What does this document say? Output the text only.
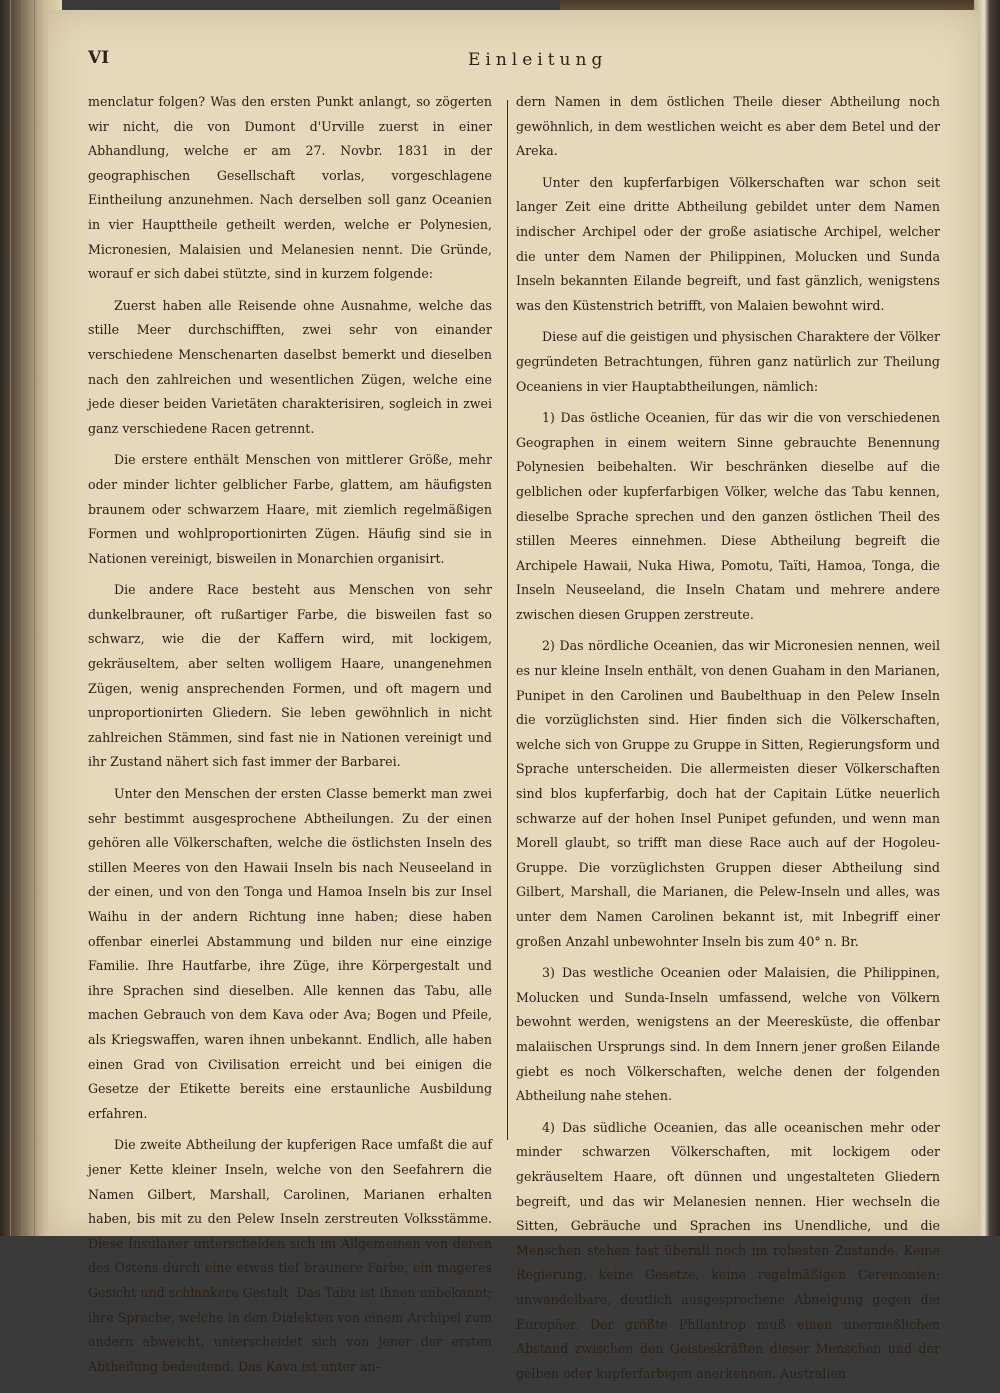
VI	Einleitung

menclatur folgen? Was den ersten Punkt anlangt, so zögerten wir nicht, die von Dumont d'Urville zuerst in einer Abhandlung, welche er am 27. Novbr. 1831 in der geographischen Gesellschaft vorlas, vorgeschlagene Eintheilung anzunehmen. Nach derselben soll ganz Oceanien in vier Haupttheile getheilt werden, welche er Polynesien, Micronesien, Malaisien und Melanesien nennt. Die Gründe, worauf er sich dabei stützte, sind in kurzem folgende:

Zuerst haben alle Reisende ohne Ausnahme, welche das stille Meer durchschifften, zwei sehr von einander verschiedene Menschenarten daselbst bemerkt und dieselben nach den zahlreichen und wesentlichen Zügen, welche eine jede dieser beiden Varietäten charakterisiren, sogleich in zwei ganz verschiedene Racen getrennt.

Die erstere enthält Menschen von mittlerer Größe, mehr oder minder lichter gelblicher Farbe, glattem, am häufigsten braunem oder schwarzem Haare, mit ziemlich regelmäßigen Formen und wohlproportionirten Zügen. Häufig sind sie in Nationen vereinigt, bisweilen in Monarchien organisirt.

Die andere Race besteht aus Menschen von sehr dunkelbrauner, oft rußartiger Farbe, die bisweilen fast so schwarz, wie die der Kaffern wird, mit lockigem, gekräuseltem, aber selten wolligem Haare, unangenehmen Zügen, wenig ansprechenden Formen, und oft magern und unproportionirten Gliedern. Sie leben gewöhnlich in nicht zahlreichen Stämmen, sind fast nie in Nationen vereinigt und ihr Zustand nähert sich fast immer der Barbarei.

Unter den Menschen der ersten Classe bemerkt man zwei sehr bestimmt ausgesprochene Abtheilungen. Zu der einen gehören alle Völkerschaften, welche die östlichsten Inseln des stillen Meeres von den Hawaii Inseln bis nach Neuseeland in der einen, und von den Tonga und Hamoa Inseln bis zur Insel Waihu in der andern Richtung inne haben; diese haben offenbar einerlei Abstammung und bilden nur eine einzige Familie. Ihre Hautfarbe, ihre Züge, ihre Körpergestalt und ihre Sprachen sind dieselben. Alle kennen das Tabu, alle machen Gebrauch von dem Kava oder Ava; Bogen und Pfeile, als Kriegswaffen, waren ihnen unbekannt. Endlich, alle haben einen Grad von Civilisation erreicht und bei einigen die Gesetze der Etikette bereits eine erstaunliche Ausbildung erfahren.

Die zweite Abtheilung der kupferigen Race umfaßt die auf jener Kette kleiner Inseln, welche von den Seefahrern die Namen Gilbert, Marshall, Carolinen, Marianen erhalten haben, bis mit zu den Pelew Inseln zerstreuten Volksstämme. Diese Insulaner unterscheiden sich im Allgemeinen von denen des Ostens durch eine etwas tief braunere Farbe, ein mageres Gesicht und schlankere Gestalt. Das Tabu ist ihnen unbekannt; ihre Sprache, welche in den Dialekten von einem Archipel zum andern abweicht, unterscheidet sich von jener der ersten Abtheilung bedeutend. Das Kava ist unter an-

dern Namen in dem östlichen Theile dieser Abtheilung noch gewöhnlich, in dem westlichen weicht es aber dem Betel und der Areka.

Unter den kupferfarbigen Völkerschaften war schon seit langer Zeit eine dritte Abtheilung gebildet unter dem Namen indischer Archipel oder der große asiatische Archipel, welcher die unter dem Namen der Philippinen, Molucken und Sunda Inseln bekannten Eilande begreift, und fast gänzlich, wenigstens was den Küstenstrich betrifft, von Malaien bewohnt wird.

Diese auf die geistigen und physischen Charaktere der Völker gegründeten Betrachtungen, führen ganz natürlich zur Theilung Oceaniens in vier Hauptabtheilungen, nämlich:

1) Das östliche Oceanien, für das wir die von verschiedenen Geographen in einem weitern Sinne gebrauchte Benennung Polynesien beibehalten. Wir beschränken dieselbe auf die gelblichen oder kupferfarbigen Völker, welche das Tabu kennen, dieselbe Sprache sprechen und den ganzen östlichen Theil des stillen Meeres einnehmen. Diese Abtheilung begreift die Archipele Hawaii, Nuka Hiwa, Pomotu, Taïti, Hamoa, Tonga, die Inseln Neuseeland, die Inseln Chatam und mehrere andere zwischen diesen Gruppen zerstreute.

2) Das nördliche Oceanien, das wir Micronesien nennen, weil es nur kleine Inseln enthält, von denen Guaham in den Marianen, Punipet in den Carolinen und Baubelthuap in den Pelew Inseln die vorzüglichsten sind. Hier finden sich die Völkerschaften, welche sich von Gruppe zu Gruppe in Sitten, Regierungsform und Sprache unterscheiden. Die allermeisten dieser Völkerschaften sind blos kupferfarbig, doch hat der Capitain Lütke neuerlich schwarze auf der hohen Insel Punipet gefunden, und wenn man Morell glaubt, so trifft man diese Race auch auf der Hogoleu-Gruppe. Die vorzüglichsten Gruppen dieser Abtheilung sind Gilbert, Marshall, die Marianen, die Pelew-Inseln und alles, was unter dem Namen Carolinen bekannt ist, mit Inbegriff einer großen Anzahl unbewohnter Inseln bis zum 40° n. Br.

3) Das westliche Oceanien oder Malaisien, die Philippinen, Molucken und Sunda-Inseln umfassend, welche von Völkern bewohnt werden, wenigstens an der Meeresküste, die offenbar malaiischen Ursprungs sind. In dem Innern jener großen Eilande giebt es noch Völkerschaften, welche denen der folgenden Abtheilung nahe stehen.

4) Das südliche Oceanien, das alle oceanischen mehr oder minder schwarzen Völkerschaften, mit lockigem oder gekräuseltem Haare, oft dünnen und ungestalteten Gliedern begreift, und das wir Melanesien nennen. Hier wechseln die Sitten, Gebräuche und Sprachen ins Unendliche, und die Menschen stehen fast überall noch im rohesten Zustande. Keine Regierung, keine Gesetze, keine regelmäßigen Ceremonien; unwandelbare, deutlich ausgesprochene Abneigung gegen die Europäer. Der größte Philantrop muß einen unermeßlichen Abstand zwischen den Geisteskräften dieser Menschen und der gelben oder kupferfarbigen anerkennen. Australien
